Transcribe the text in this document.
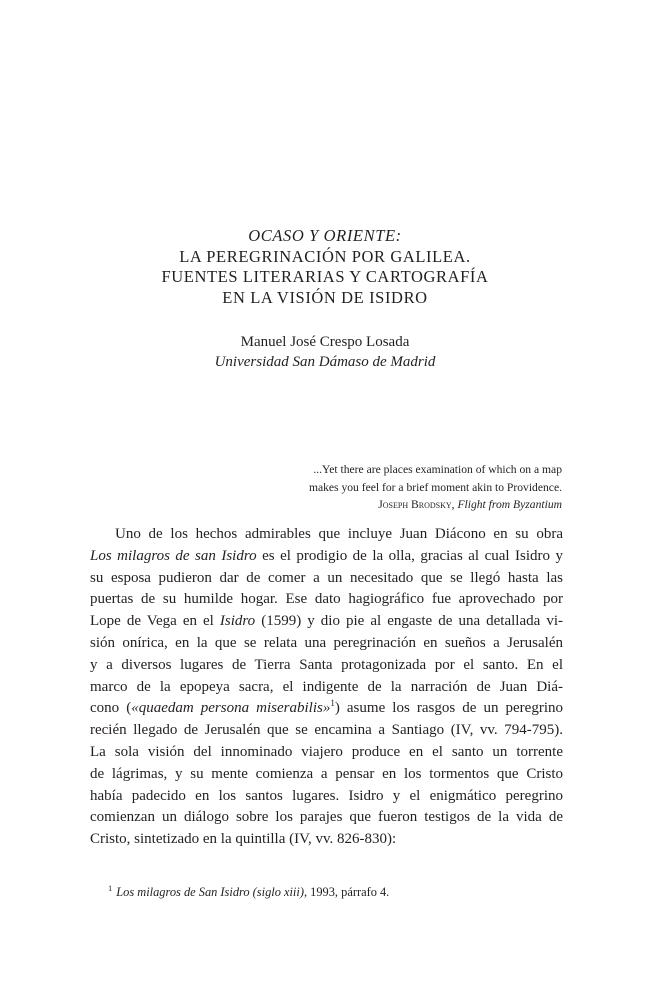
OCASO Y ORIENTE:
LA PEREGRINACIÓN POR GALILEA.
FUENTES LITERARIAS Y CARTOGRAFÍA
EN LA VISIÓN DE ISIDRO
Manuel José Crespo Losada
Universidad San Dámaso de Madrid
...Yet there are places examination of which on a map
makes you feel for a brief moment akin to Providence.
Joseph Brodsky, Flight from Byzantium
Uno de los hechos admirables que incluye Juan Diácono en su obra
Los milagros de san Isidro es el prodigio de la olla, gracias al cual Isidro y
su esposa pudieron dar de comer a un necesitado que se llegó hasta las
puertas de su humilde hogar. Ese dato hagiográfico fue aprovechado por
Lope de Vega en el Isidro (1599) y dio pie al engaste de una detallada vi-
sión onírica, en la que se relata una peregrinación en sueños a Jerusalén
y a diversos lugares de Tierra Santa protagonizada por el santo. En el
marco de la epopeya sacra, el indigente de la narración de Juan Diá-
cono («quaedam persona miserabilis»$^1$) asume los rasgos de un peregrino
recién llegado de Jerusalén que se encamina a Santiago (IV, vv. 794-795).
La sola visión del innominado viajero produce en el santo un torrente
de lágrimas, y su mente comienza a pensar en los tormentos que Cristo
había padecido en los santos lugares. Isidro y el enigmático peregrino
comienzan un diálogo sobre los parajes que fueron testigos de la vida de
Cristo, sintetizado en la quintilla (IV, vv. 826-830):
$^1$ Los milagros de San Isidro (siglo xiii), 1993, párrafo 4.
